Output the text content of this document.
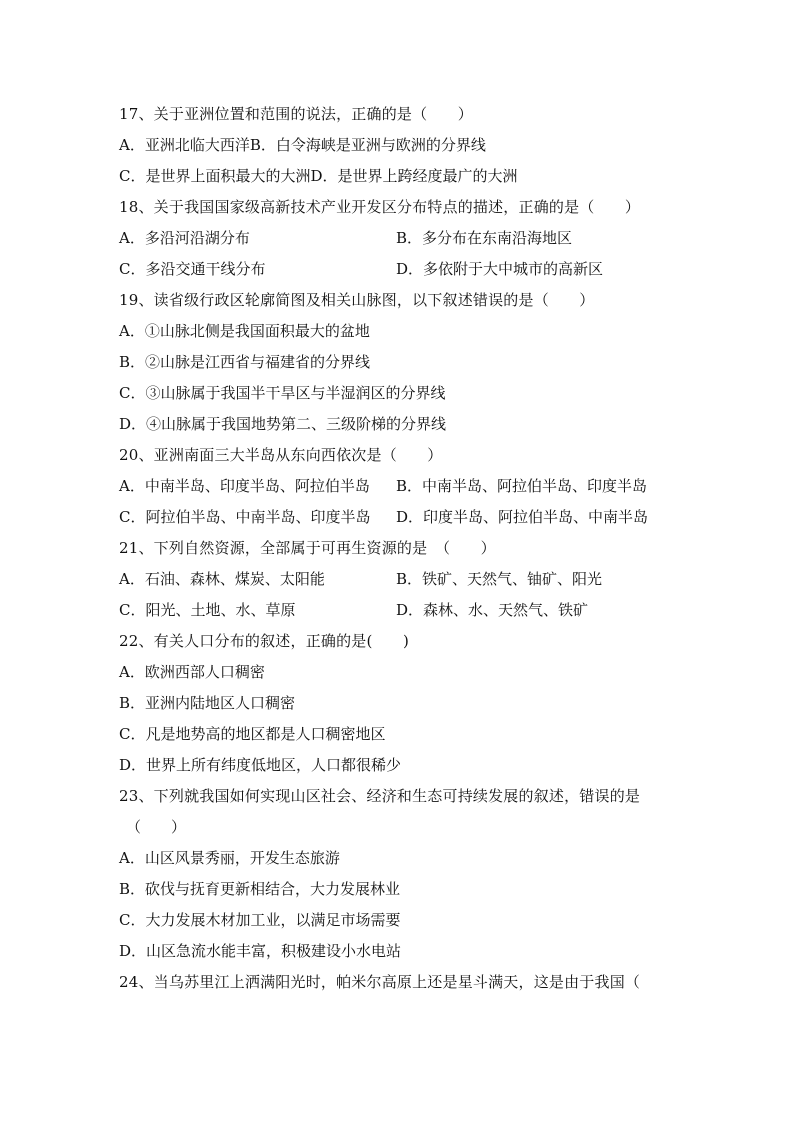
17、关于亚洲位置和范围的说法，正确的是（　　）
A．亚洲北临大西洋B．白令海峡是亚洲与欧洲的分界线
C．是世界上面积最大的大洲D．是世界上跨经度最广的大洲
18、关于我国国家级高新技术产业开发区分布特点的描述，正确的是（　　）
A．多沿河沿湖分布	B．多分布在东南沿海地区
C．多沿交通干线分布	D．多依附于大中城市的高新区
19、读省级行政区轮廓简图及相关山脉图，以下叙述错误的是（　　）
A．①山脉北侧是我国面积最大的盆地
B．②山脉是江西省与福建省的分界线
C．③山脉属于我国半干旱区与半湿润区的分界线
D．④山脉属于我国地势第二、三级阶梯的分界线
20、亚洲南面三大半岛从东向西依次是（　　）
A．中南半岛、印度半岛、阿拉伯半岛	B．中南半岛、阿拉伯半岛、印度半岛
C．阿拉伯半岛、中南半岛、印度半岛	D．印度半岛、阿拉伯半岛、中南半岛
21、下列自然资源，全部属于可再生资源的是　（　　）
A．石油、森林、煤炭、太阳能	B．铁矿、天然气、铀矿、阳光
C．阳光、土地、水、草原	D．森林、水、天然气、铁矿
22、有关人口分布的叙述，正确的是(　　)
A．欧洲西部人口稠密
B．亚洲内陆地区人口稠密
C．凡是地势高的地区都是人口稠密地区
D．世界上所有纬度低地区，人口都很稀少
23、下列就我国如何实现山区社会、经济和生态可持续发展的叙述，错误的是
（　　）
A．山区风景秀丽，开发生态旅游
B．砍伐与抚育更新相结合，大力发展林业
C．大力发展木材加工业，以满足市场需要
D．山区急流水能丰富，积极建设小水电站
24、当乌苏里江上洒满阳光时，帕米尔高原上还是星斗满天，这是由于我国（
